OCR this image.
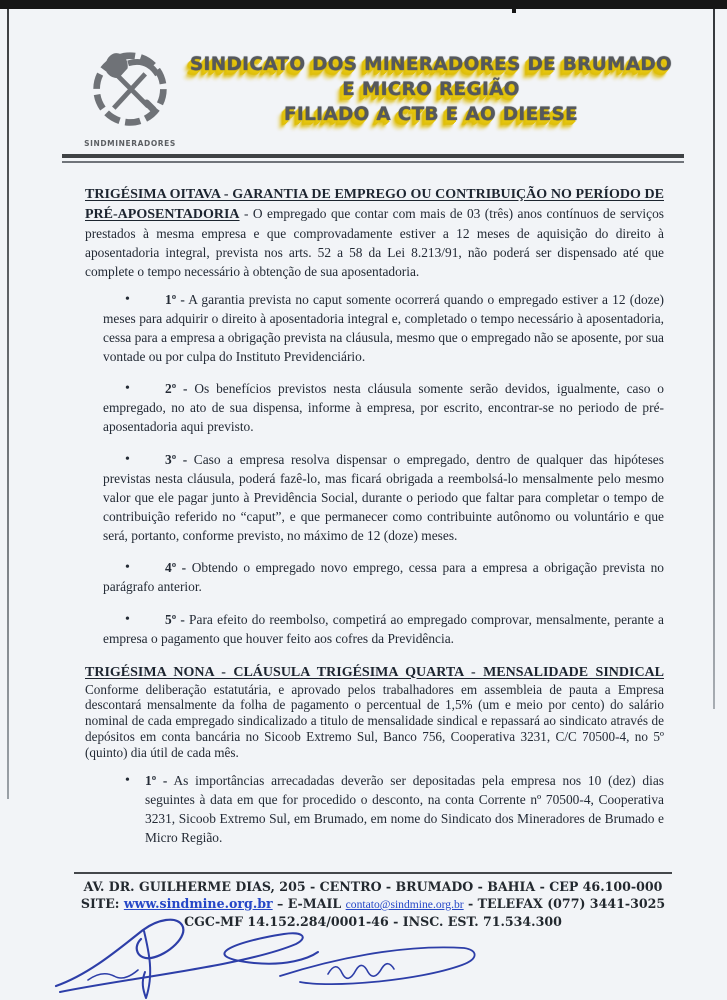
SINDMINERADORES
SINDICATO DOS MINERADORES DE BRUMADO
E MICRO REGIÃO
FILIADO A CTB E AO DIEESE

TRIGÉSIMA OITAVA - GARANTIA DE EMPREGO OU CONTRIBUIÇÃO NO PERÍODO DE PRÉ-APOSENTADORIA - O empregado que contar com mais de 03 (três) anos contínuos de serviços prestados à mesma empresa e que comprovadamente estiver a 12 meses de aquisição do direito à aposentadoria integral, prevista nos arts. 52 a 58 da Lei 8.213/91, não poderá ser dispensado até que complete o tempo necessário à obtenção de sua aposentadoria.

•	1º - A garantia prevista no caput somente ocorrerá quando o empregado estiver a 12 (doze) meses para adquirir o direito à aposentadoria integral e, completado o tempo necessário à aposentadoria, cessa para a empresa a obrigação prevista na cláusula, mesmo que o empregado não se aposente, por sua vontade ou por culpa do Instituto Previdenciário.

•	2º - Os benefícios previstos nesta cláusula somente serão devidos, igualmente, caso o empregado, no ato de sua dispensa, informe à empresa, por escrito, encontrar-se no periodo de pré-aposentadoria aqui previsto.

•	3º - Caso a empresa resolva dispensar o empregado, dentro de qualquer das hipóteses previstas nesta cláusula, poderá fazê-lo, mas ficará obrigada a reembolsá-lo mensalmente pelo mesmo valor que ele pagar junto à Previdência Social, durante o periodo que faltar para completar o tempo de contribuição referido no “caput”, e que permanecer como contribuinte autônomo ou voluntário e que será, portanto, conforme previsto, no máximo de 12 (doze) meses.

•	4º - Obtendo o empregado novo emprego, cessa para a empresa a obrigação prevista no parágrafo anterior.

•	5º - Para efeito do reembolso, competirá ao empregado comprovar, mensalmente, perante a empresa o pagamento que houver feito aos cofres da Previdência.

TRIGÉSIMA NONA - CLÁUSULA TRIGÉSIMA QUARTA - MENSALIDADE SINDICAL

Conforme deliberação estatutária, e aprovado pelos trabalhadores em assembleia de pauta a Empresa descontará mensalmente da folha de pagamento o percentual de 1,5% (um e meio por cento) do salário nominal de cada empregado sindicalizado a titulo de mensalidade sindical e repassará ao sindicato através de depósitos em conta bancária no Sicoob Extremo Sul, Banco 756, Cooperativa 3231, C/C 70500-4, no 5º (quinto) dia útil de cada mês.

• 1º - As importâncias arrecadadas deverão ser depositadas pela empresa nos 10 (dez) dias seguintes à data em que for procedido o desconto, na conta Corrente nº 70500-4, Cooperativa 3231, Sicoob Extremo Sul, em Brumado, em nome do Sindicato dos Mineradores de Brumado e Micro Região.

AV. DR. GUILHERME DIAS, 205 - CENTRO - BRUMADO - BAHIA - CEP 46.100-000
SITE: www.sindmine.org.br – E-MAIL contato@sindmine.org.br - TELEFAX (077) 3441-3025
CGC-MF 14.152.284/0001-46 - INSC. EST. 71.534.300
